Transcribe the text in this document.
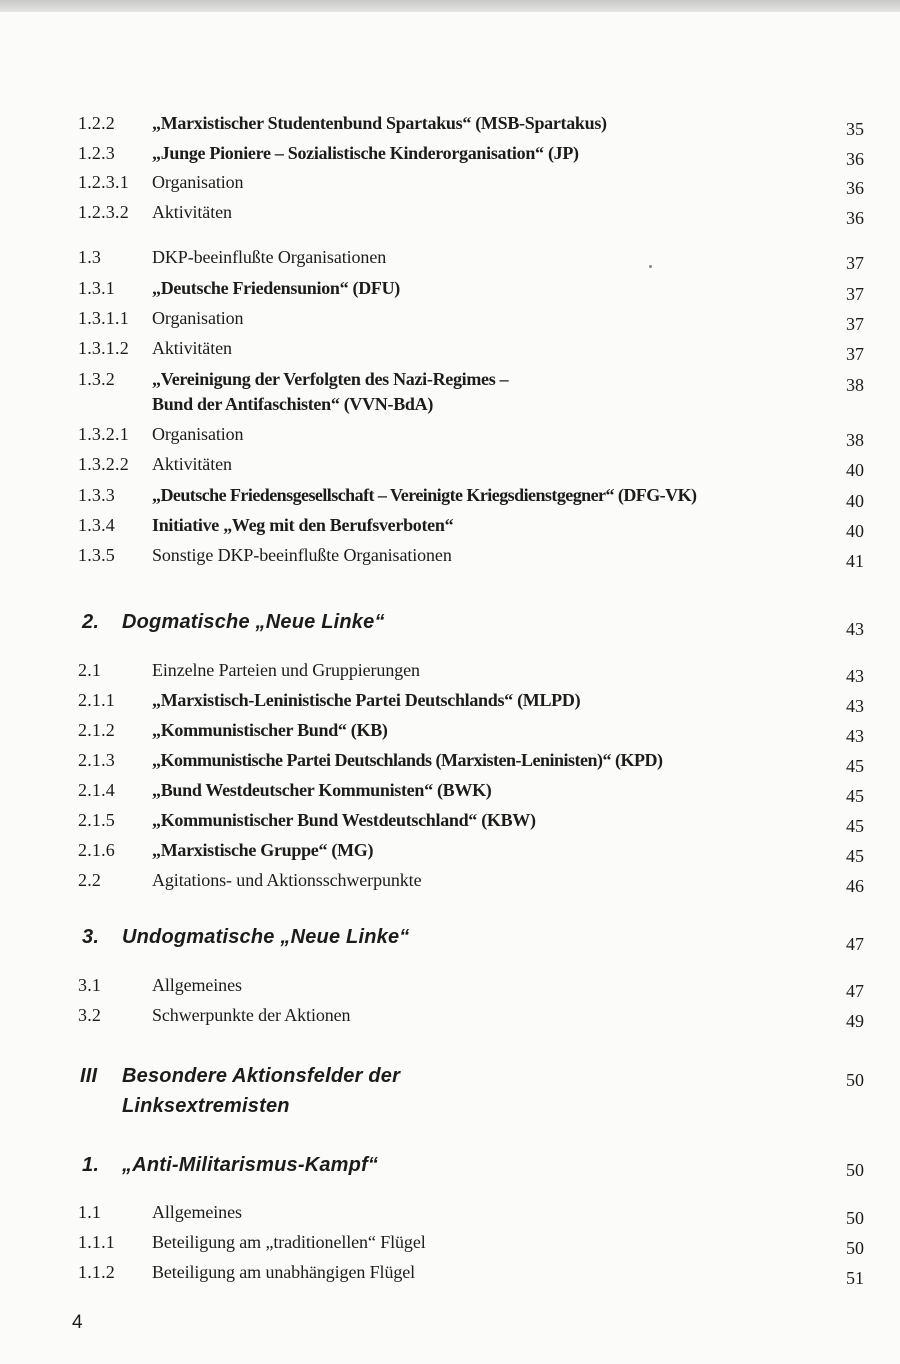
1.2.2 „Marxistischer Studentenbund Spartakus“ (MSB-Spartakus)	35
1.2.3 „Junge Pioniere – Sozialistische Kinderorganisation“ (JP)	36
1.2.3.1 Organisation	36
1.2.3.2 Aktivitäten	36
1.3	DKP-beeinflußte Organisationen	37
1.3.1 „Deutsche Friedensunion“ (DFU)	37
1.3.1.1 Organisation	37
1.3.1.2 Aktivitäten	37
1.3.2 „Vereinigung der Verfolgten des Nazi-Regimes –
Bund der Antifaschisten“ (VVN-BdA)
38
1.3.2.1 Organisation	38
1.3.2.2 Aktivitäten	40
1.3.3 „Deutsche Friedensgesellschaft – Vereinigte Kriegsdienstgegner“ (DFG-VK)	40
1.3.4 Initiative „Weg mit den Berufsverboten“	40
1.3.5 Sonstige DKP-beeinflußte Organisationen	41
2. Dogmatische „Neue Linke“	43
2.1	Einzelne Parteien und Gruppierungen	43
2.1.1 „Marxistisch-Leninistische Partei Deutschlands“ (MLPD)	43
2.1.2 „Kommunistischer Bund“ (KB)	43
2.1.3 „Kommunistische Partei Deutschlands (Marxisten-Leninisten)“ (KPD)	45
2.1.4 „Bund Westdeutscher Kommunisten“ (BWK)	45
2.1.5 „Kommunistischer Bund Westdeutschland“ (KBW)	45
2.1.6 „Marxistische Gruppe“ (MG)	45
2.2	Agitations- und Aktionsschwerpunkte	46
3. Undogmatische „Neue Linke“	47
3.1	Allgemeines	47
3.2	Schwerpunkte der Aktionen	49
III Besondere Aktionsfelder der
Linksextremisten
50
1. „Anti-Militarismus-Kampf“	50
1.1	Allgemeines	50
1.1.1 Beteiligung am „traditionellen“ Flügel	50
1.1.2 Beteiligung am unabhängigen Flügel	51
4
